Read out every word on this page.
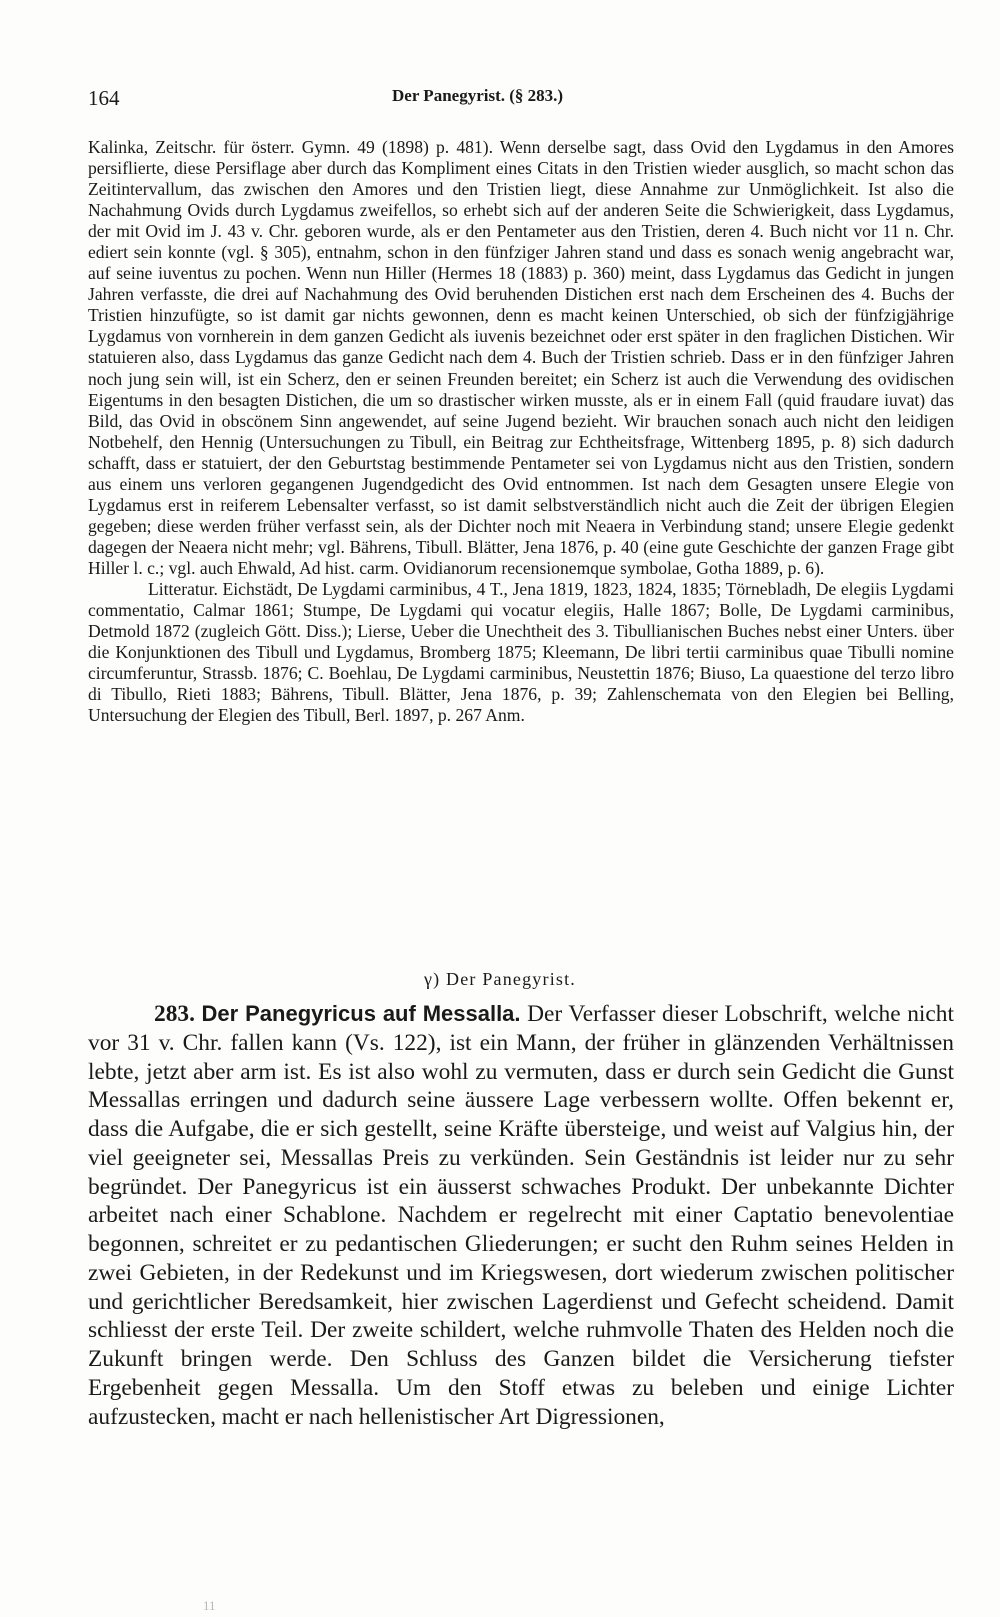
164	Der Panegyrist. (§ 283.)

Kalinka, Zeitschr. für österr. Gymn. 49 (1898) p. 481). Wenn derselbe sagt, dass Ovid den Lygdamus in den Amores persiflierte, diese Persiflage aber durch das Kompliment eines Citats in den Tristien wieder ausglich, so macht schon das Zeitintervallum, das zwischen den Amores und den Tristien liegt, diese Annahme zur Unmöglichkeit. Ist also die Nachahmung Ovids durch Lygdamus zweifellos, so erhebt sich auf der anderen Seite die Schwierigkeit, dass Lygdamus, der mit Ovid im J. 43 v. Chr. geboren wurde, als er den Pentameter aus den Tristien, deren 4. Buch nicht vor 11 n. Chr. ediert sein konnte (vgl. § 305), entnahm, schon in den fünfziger Jahren stand und dass es sonach wenig angebracht war, auf seine iuventus zu pochen. Wenn nun Hiller (Hermes 18 (1883) p. 360) meint, dass Lygdamus das Gedicht in jungen Jahren verfasste, die drei auf Nachahmung des Ovid beruhenden Distichen erst nach dem Erscheinen des 4. Buchs der Tristien hinzufügte, so ist damit gar nichts gewonnen, denn es macht keinen Unterschied, ob sich der fünfzigjährige Lygdamus von vornherein in dem ganzen Gedicht als iuvenis bezeichnet oder erst später in den fraglichen Distichen. Wir statuieren also, dass Lygdamus das ganze Gedicht nach dem 4. Buch der Tristien schrieb. Dass er in den fünfziger Jahren noch jung sein will, ist ein Scherz, den er seinen Freunden bereitet; ein Scherz ist auch die Verwendung des ovidischen Eigentums in den besagten Distichen, die um so drastischer wirken musste, als er in einem Fall (quid fraudare iuvat) das Bild, das Ovid in obscönem Sinn angewendet, auf seine Jugend bezieht. Wir brauchen sonach auch nicht den leidigen Notbehelf, den Hennig (Untersuchungen zu Tibull, ein Beitrag zur Echtheitsfrage, Wittenberg 1895, p. 8) sich dadurch schafft, dass er statuiert, der den Geburtstag bestimmende Pentameter sei von Lygdamus nicht aus den Tristien, sondern aus einem uns verloren gegangenen Jugendgedicht des Ovid entnommen. Ist nach dem Gesagten unsere Elegie von Lygdamus erst in reiferem Lebensalter verfasst, so ist damit selbstverständlich nicht auch die Zeit der übrigen Elegien gegeben; diese werden früher verfasst sein, als der Dichter noch mit Neaera in Verbindung stand; unsere Elegie gedenkt dagegen der Neaera nicht mehr; vgl. Bährens, Tibull. Blätter, Jena 1876, p. 40 (eine gute Geschichte der ganzen Frage gibt Hiller l. c.; vgl. auch Ehwald, Ad hist. carm. Ovidianorum recensionemque symbolae, Gotha 1889, p. 6).

Litteratur. Eichstädt, De Lygdami carminibus, 4 T., Jena 1819, 1823, 1824, 1835; Törnebladh, De elegiis Lygdami commentatio, Calmar 1861; Stumpe, De Lygdami qui vocatur elegiis, Halle 1867; Bolle, De Lygdami carminibus, Detmold 1872 (zugleich Gött. Diss.); Lierse, Ueber die Unechtheit des 3. Tibullianischen Buches nebst einer Unters. über die Konjunktionen des Tibull und Lygdamus, Bromberg 1875; Kleemann, De libri tertii carminibus quae Tibulli nomine circumferuntur, Strassb. 1876; C. Boehlau, De Lygdami carminibus, Neustettin 1876; Biuso, La quaestione del terzo libro di Tibullo, Rieti 1883; Bährens, Tibull. Blätter, Jena 1876, p. 39; Zahlenschemata von den Elegien bei Belling, Untersuchung der Elegien des Tibull, Berl. 1897, p. 267 Anm.

γ) Der Panegyrist.

283. Der Panegyricus auf Messalla. Der Verfasser dieser Lobschrift, welche nicht vor 31 v. Chr. fallen kann (Vs. 122), ist ein Mann, der früher in glänzenden Verhältnissen lebte, jetzt aber arm ist. Es ist also wohl zu vermuten, dass er durch sein Gedicht die Gunst Messallas erringen und dadurch seine äussere Lage verbessern wollte. Offen bekennt er, dass die Aufgabe, die er sich gestellt, seine Kräfte übersteige, und weist auf Valgius hin, der viel geeigneter sei, Messallas Preis zu verkünden. Sein Geständnis ist leider nur zu sehr begründet. Der Panegyricus ist ein äusserst schwaches Produkt. Der unbekannte Dichter arbeitet nach einer Schablone. Nachdem er regelrecht mit einer Captatio benevolentiae begonnen, schreitet er zu pedantischen Gliederungen; er sucht den Ruhm seines Helden in zwei Gebieten, in der Redekunst und im Kriegswesen, dort wiederum zwischen politischer und gerichtlicher Beredsamkeit, hier zwischen Lagerdienst und Gefecht scheidend. Damit schliesst der erste Teil. Der zweite schildert, welche ruhmvolle Thaten des Helden noch die Zukunft bringen werde. Den Schluss des Ganzen bildet die Versicherung tiefster Ergebenheit gegen Messalla. Um den Stoff etwas zu beleben und einige Lichter aufzustecken, macht er nach hellenistischer Art Digressionen,

11
